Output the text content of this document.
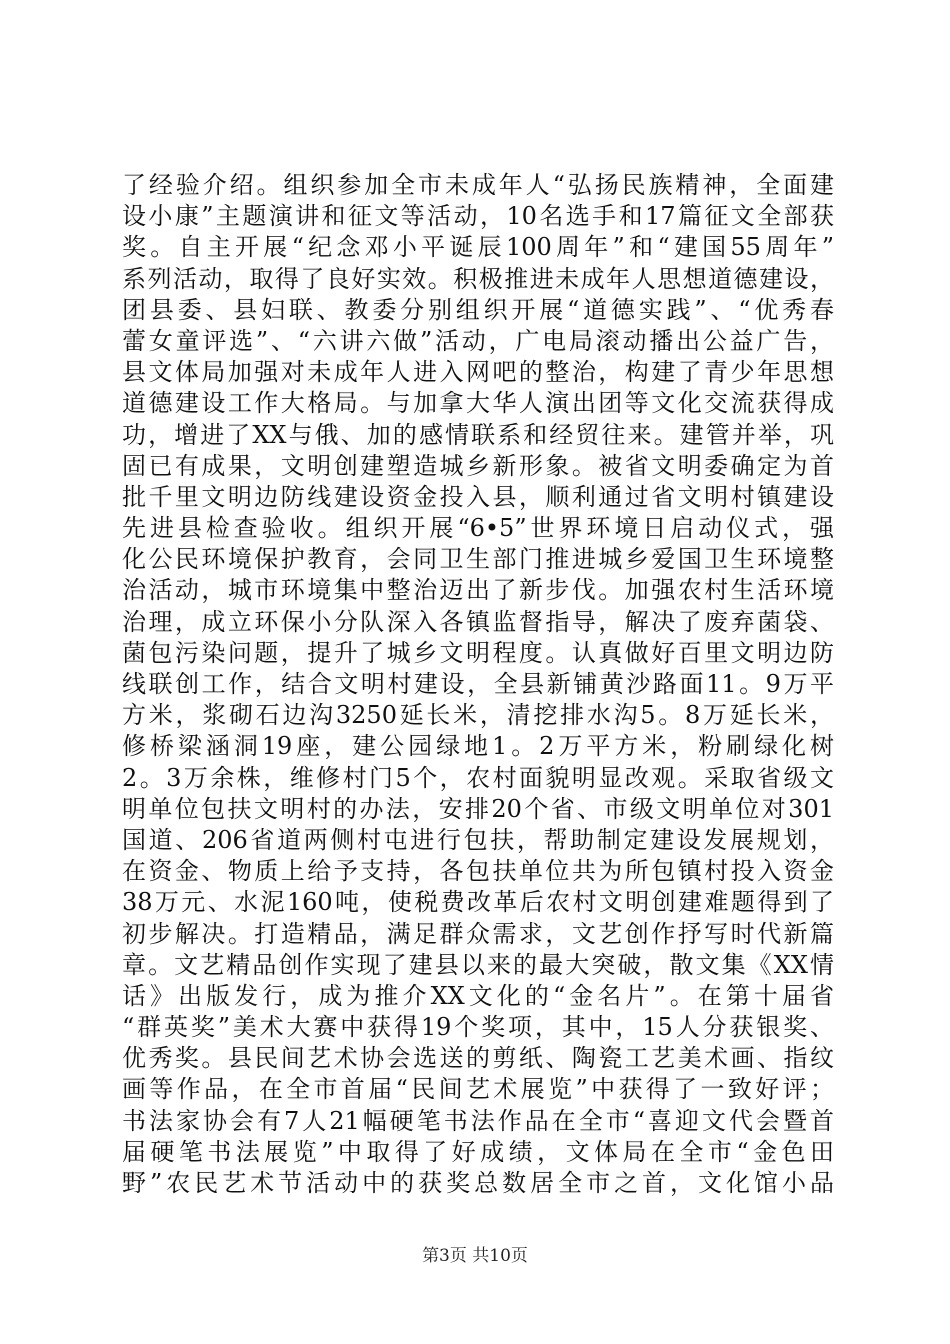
了经验介绍。组织参加全市未成年人“弘扬民族精神，全面建
设小康”主题演讲和征文等活动，10名选手和17篇征文全部获
奖。自主开展“纪念邓小平诞辰100周年”和“建国55周年”
系列活动，取得了良好实效。积极推进未成年人思想道德建设，
团县委、县妇联、教委分别组织开展“道德实践”、“优秀春
蕾女童评选”、“六讲六做”活动，广电局滚动播出公益广告，
县文体局加强对未成年人进入网吧的整治，构建了青少年思想
道德建设工作大格局。与加拿大华人演出团等文化交流获得成
功，增进了XX与俄、加的感情联系和经贸往来。建管并举，巩
固已有成果，文明创建塑造城乡新形象。被省文明委确定为首
批千里文明边防线建设资金投入县，顺利通过省文明村镇建设
先进县检查验收。组织开展“6•5”世界环境日启动仪式，强
化公民环境保护教育，会同卫生部门推进城乡爱国卫生环境整
治活动，城市环境集中整治迈出了新步伐。加强农村生活环境
治理，成立环保小分队深入各镇监督指导，解决了废弃菌袋、
菌包污染问题，提升了城乡文明程度。认真做好百里文明边防
线联创工作，结合文明村建设，全县新铺黄沙路面11。9万平
方米，浆砌石边沟3250延长米，清挖排水沟5。8万延长米，
修桥梁涵洞19座，建公园绿地1。2万平方米，粉刷绿化树
2。3万余株，维修村门5个，农村面貌明显改观。采取省级文
明单位包扶文明村的办法，安排20个省、市级文明单位对301
国道、206省道两侧村屯进行包扶，帮助制定建设发展规划，
在资金、物质上给予支持，各包扶单位共为所包镇村投入资金
38万元、水泥160吨，使税费改革后农村文明创建难题得到了
初步解决。打造精品，满足群众需求，文艺创作抒写时代新篇
章。文艺精品创作实现了建县以来的最大突破，散文集《XX情
话》出版发行，成为推介XX文化的“金名片”。在第十届省
“群英奖”美术大赛中获得19个奖项，其中，15人分获银奖、
优秀奖。县民间艺术协会选送的剪纸、陶瓷工艺美术画、指纹
画等作品，在全市首届“民间艺术展览”中获得了一致好评；
书法家协会有7人21幅硬笔书法作品在全市“喜迎文代会暨首
届硬笔书法展览”中取得了好成绩，文体局在全市“金色田
野”农民艺术节活动中的获奖总数居全市之首，文化馆小品
第3页 共10页
